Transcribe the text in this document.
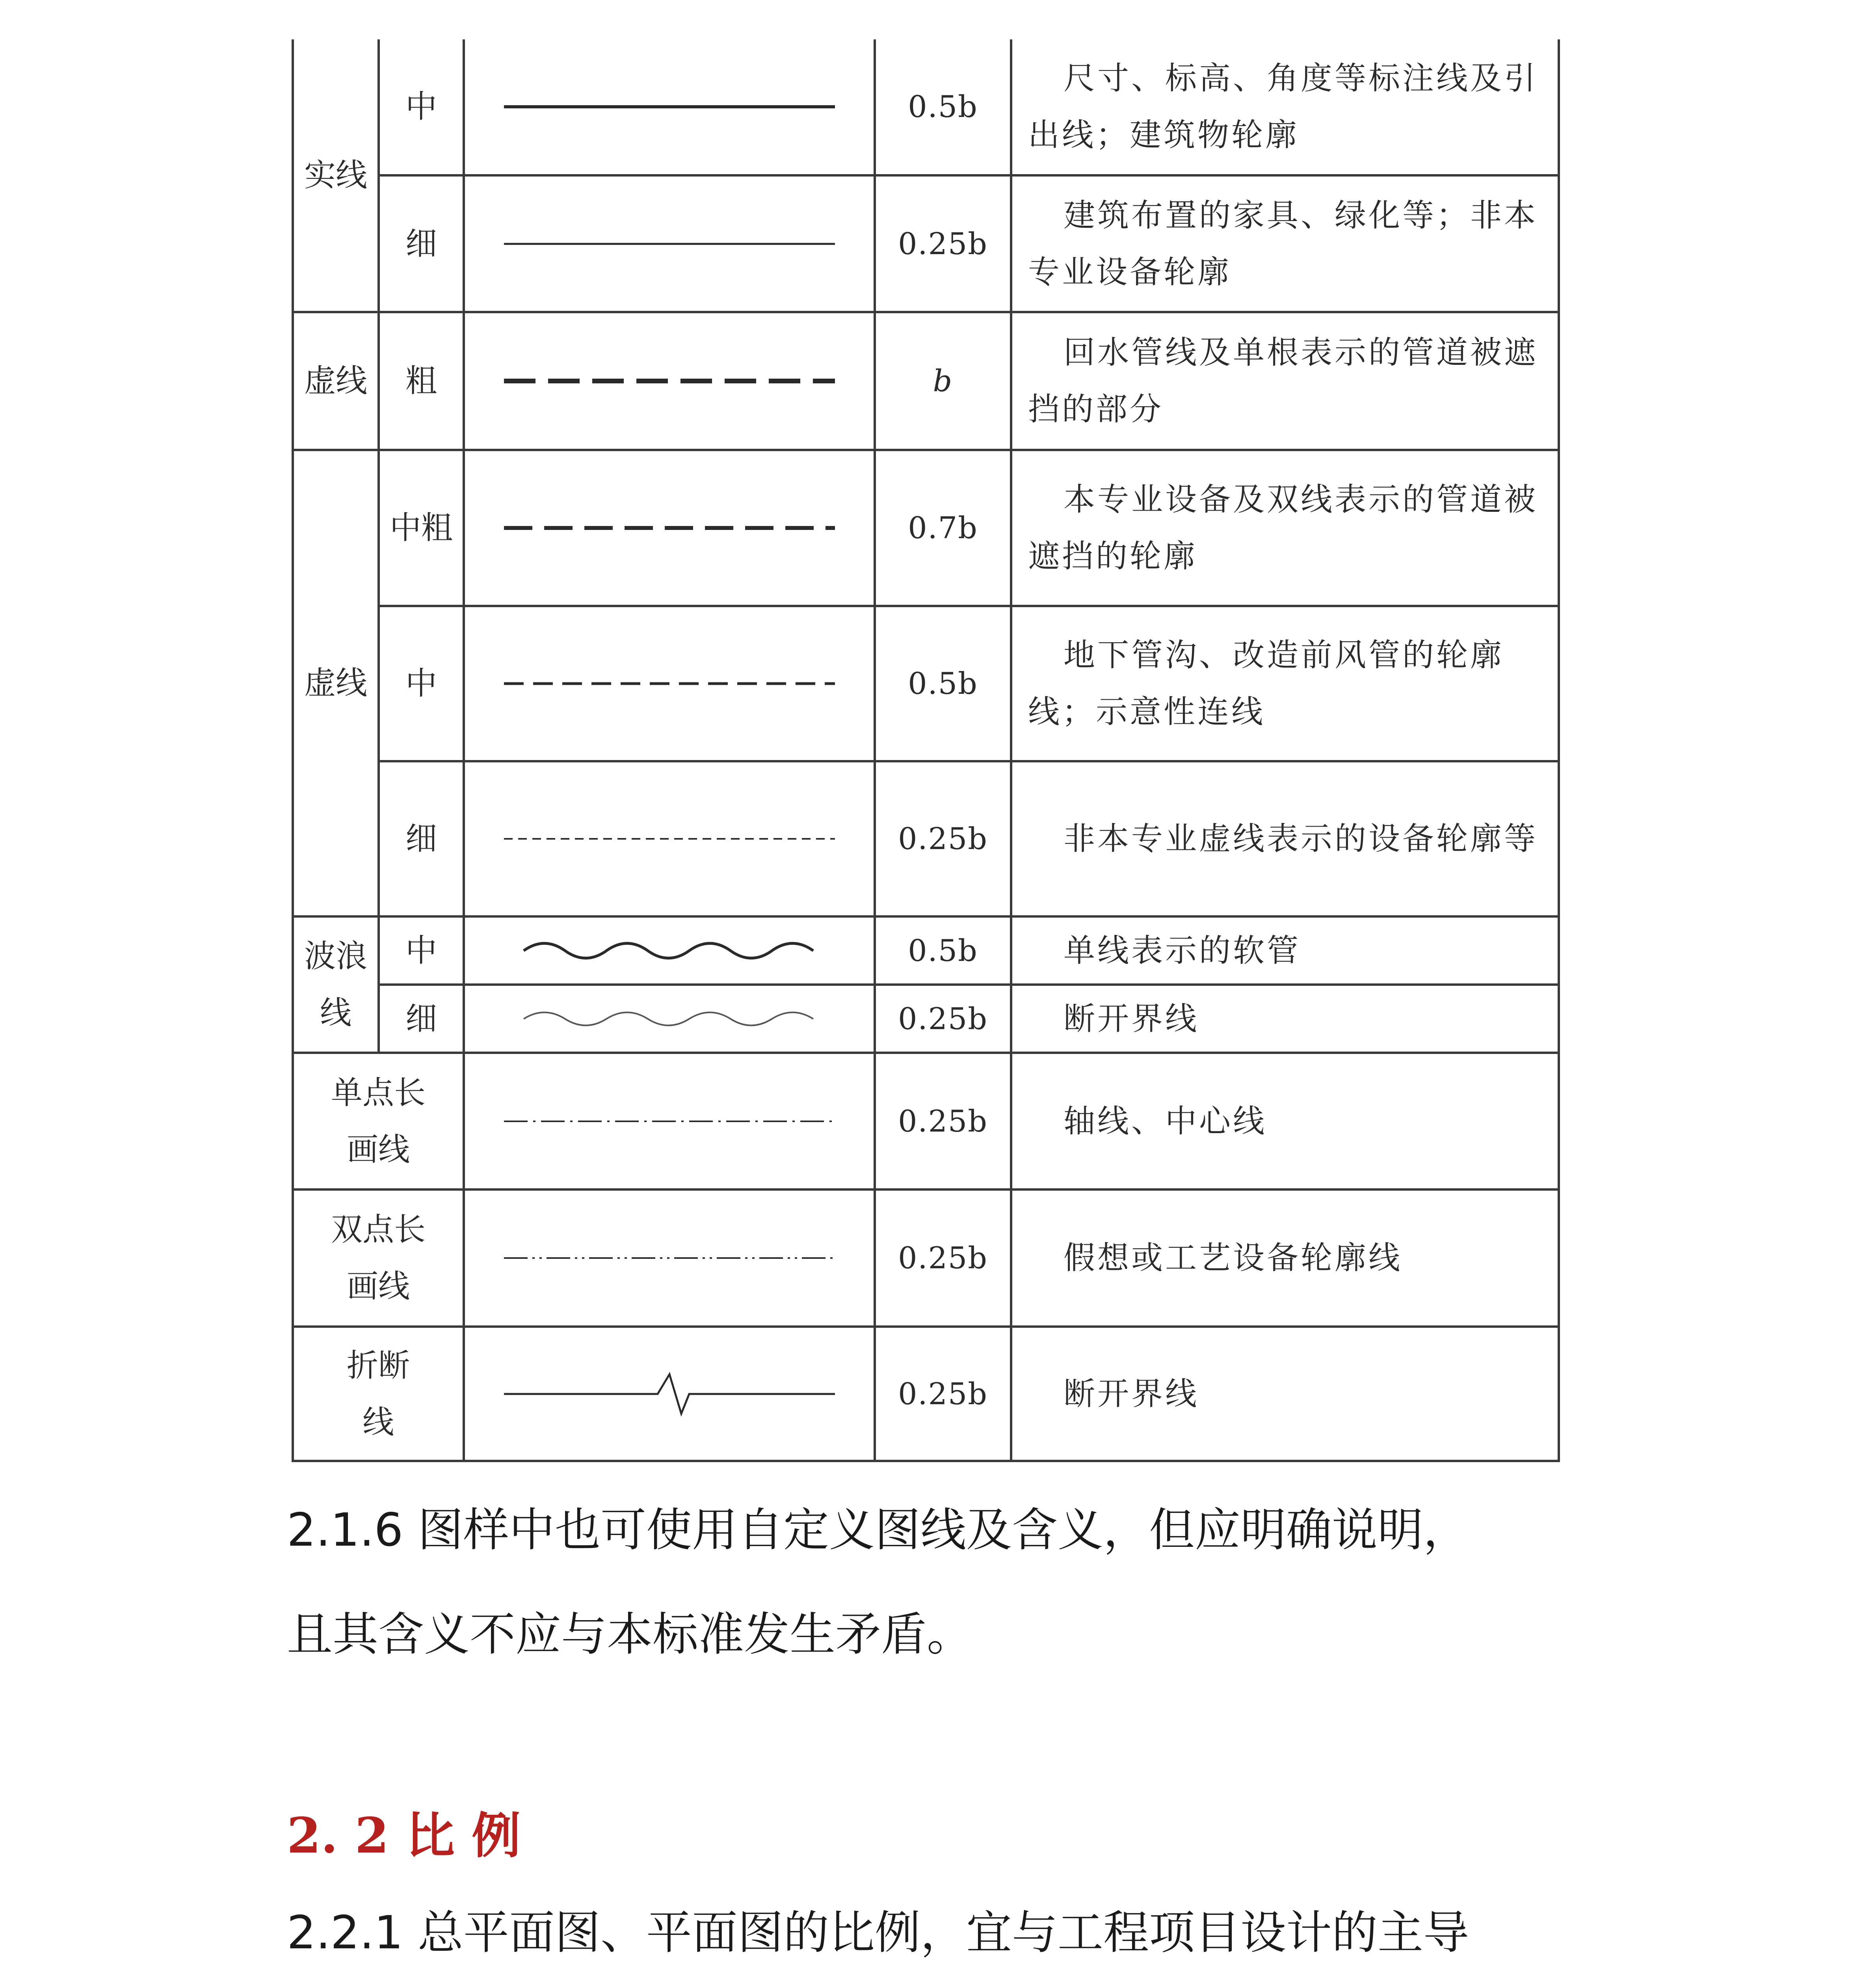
实线	中		0.5b	尺寸、标高、角度等标注线及引出线；建筑物轮廓
	细		0.25b	建筑布置的家具、绿化等；非本专业设备轮廓
虚线	粗		b	回水管线及单根表示的管道被遮挡的部分
虚线	中粗		0.7b	本专业设备及双线表示的管道被遮挡的轮廓
	中		0.5b	地下管沟、改造前风管的轮廓线；示意性连线
	细		0.25b	非本专业虚线表示的设备轮廓等
波浪线	中		0.5b	单线表示的软管
	细		0.25b	断开界线
单点长画线			0.25b	轴线、中心线
双点长画线			0.25b	假想或工艺设备轮廓线
折断线			0.25b	断开界线

2.1.6 图样中也可使用自定义图线及含义，但应明确说明，

且其含义不应与本标准发生矛盾。

2. 2 比 例

2.2.1 总平面图、平面图的比例，宜与工程项目设计的主导
